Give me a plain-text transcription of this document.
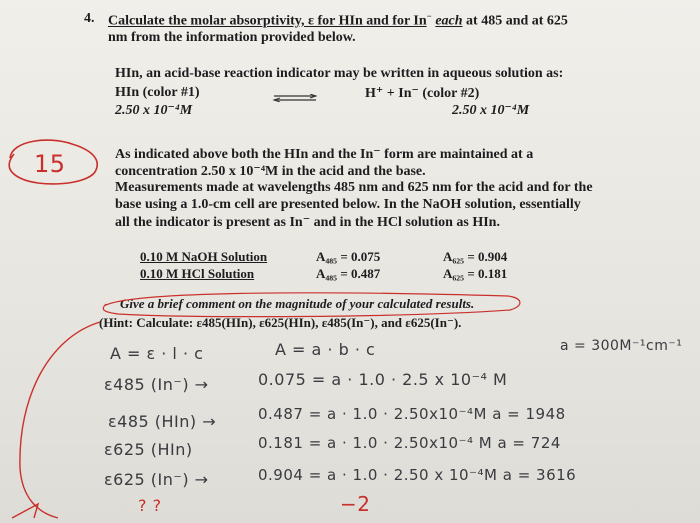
4. Calculate the molar absorptivity, ε for HIn and for In− each at 485 and at 625
nm from the information provided below.
HIn, an acid-base reaction indicator may be written in aqueous solution as:
HIn (color #1)	H⁺ + In⁻ (color #2)
2.50 x 10⁻⁴M	2.50 x 10⁻⁴M
As indicated above both the HIn and the In⁻ form are maintained at a
concentration 2.50 x 10⁻⁴M in the acid and the base.
Measurements made at wavelengths 485 nm and 625 nm for the acid and for the
base using a 1.0-cm cell are presented below. In the NaOH solution, essentially
all the indicator is present as In⁻ and in the HCl solution as HIn.
0.10 M NaOH Solution	A₄₈₅ = 0.075	A₆₂₅ = 0.904
0.10 M HCl Solution	A₄₈₅ = 0.487	A₆₂₅ = 0.181
Give a brief comment on the magnitude of your calculated results.
(Hint: Calculate: ε485(HIn), ε625(HIn), ε485(In⁻), and ε625(In⁻).
15
A = ε · l · c	A = a · b · c	a = 300M⁻¹cm⁻¹
ε485 (In⁻) →	0.075 = a · 1.0 · 2.5 x 10⁻⁴ M
ε485 (HIn) →	0.487 = a · 1.0 · 2.50x10⁻⁴M a = 1948
ε625 (HIn)	0.181 = a · 1.0 · 2.50x10⁻⁴ M a = 724
ε625 (In⁻) →	0.904 = a · 1.0 · 2.50 x 10⁻⁴M a = 3616
? ?	−2
